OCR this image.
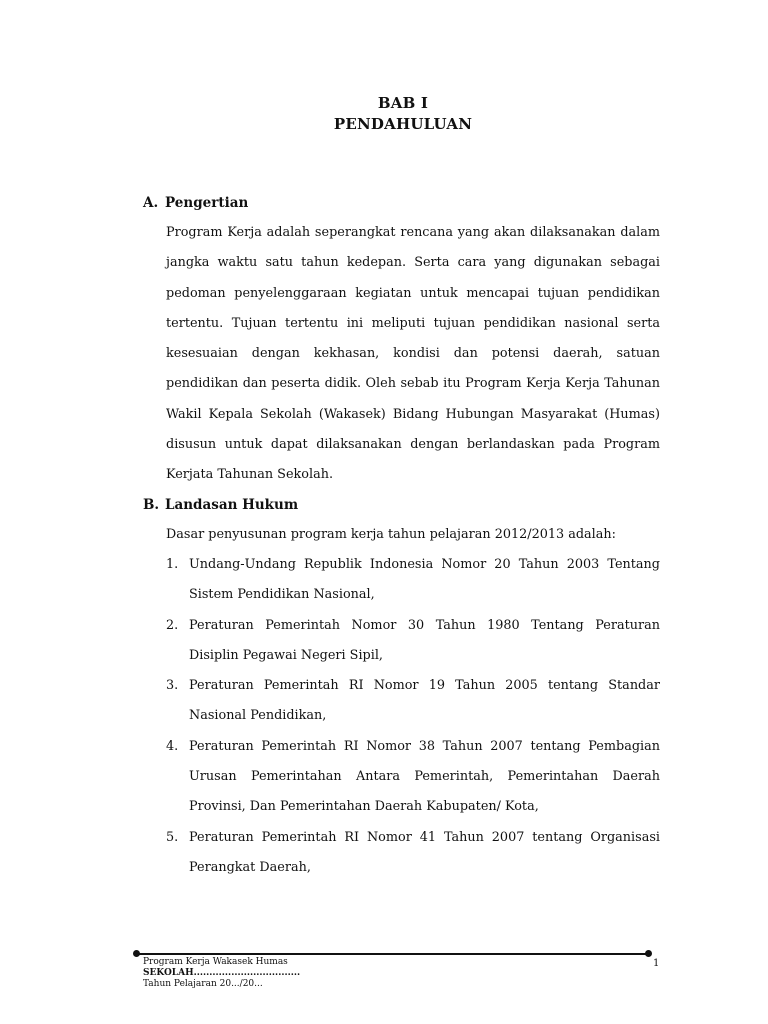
BAB I
PENDAHULUAN
A. Pengertian

Program Kerja adalah seperangkat rencana yang akan dilaksanakan dalam jangka waktu satu tahun kedepan. Serta cara yang digunakan sebagai pedoman penyelenggaraan kegiatan untuk mencapai tujuan pendidikan tertentu. Tujuan tertentu ini meliputi tujuan pendidikan nasional serta kesesuaian dengan kekhasan, kondisi dan potensi daerah, satuan pendidikan dan peserta didik. Oleh sebab itu Program Kerja Kerja Tahunan Wakil Kepala Sekolah (Wakasek) Bidang Hubungan Masyarakat (Humas) disusun untuk dapat dilaksanakan dengan berlandaskan pada Program Kerjata Tahunan Sekolah.

B. Landasan Hukum

Dasar penyusunan program kerja tahun pelajaran 2012/2013 adalah:

1. Undang-Undang Republik Indonesia Nomor 20 Tahun 2003 Tentang Sistem Pendidikan Nasional,
2. Peraturan Pemerintah Nomor 30 Tahun 1980 Tentang Peraturan Disiplin Pegawai Negeri Sipil,
3. Peraturan Pemerintah RI Nomor 19 Tahun 2005 tentang Standar Nasional Pendidikan,
4. Peraturan Pemerintah RI Nomor 38 Tahun 2007 tentang Pembagian Urusan Pemerintahan Antara Pemerintah, Pemerintahan Daerah Provinsi, Dan Pemerintahan Daerah Kabupaten/ Kota,
5. Peraturan Pemerintah RI Nomor 41 Tahun 2007 tentang Organisasi Perangkat Daerah,
Program Kerja Wakasek Humas
SEKOLAH..................................
Tahun Pelajaran 20.../20...
1
